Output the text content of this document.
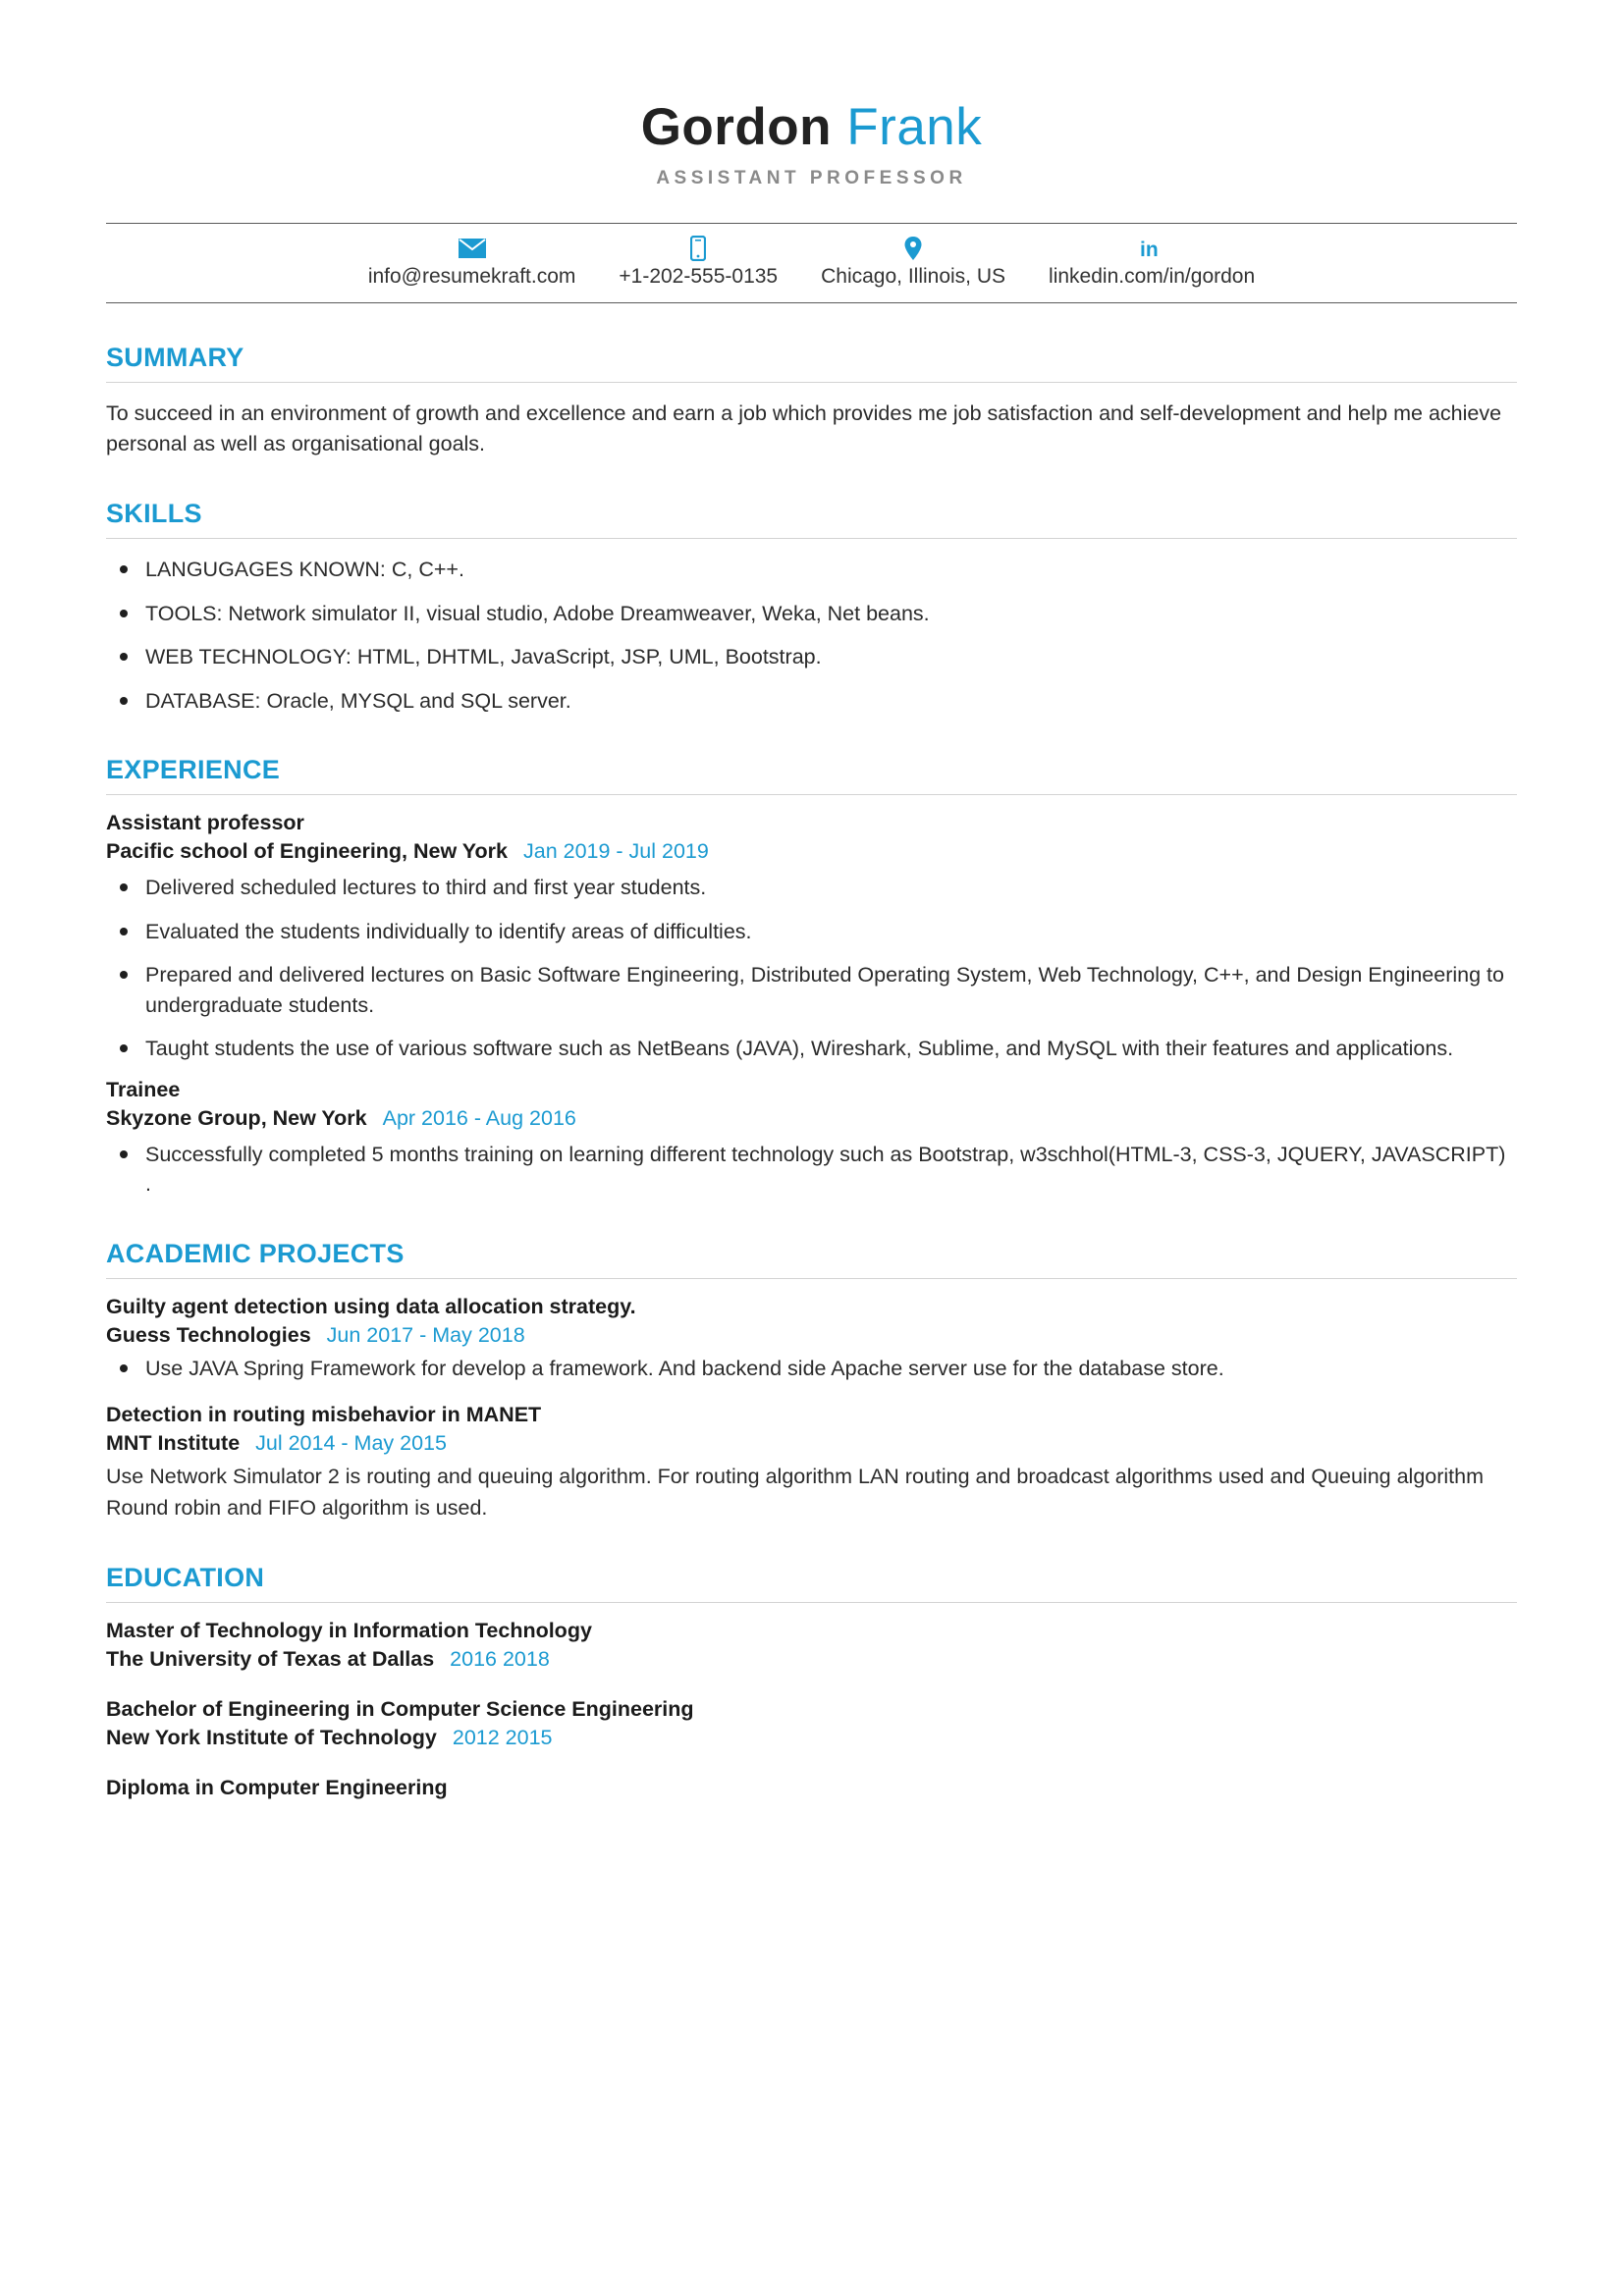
Gordon Frank
ASSISTANT PROFESSOR
info@resumekraft.com +1-202-555-0135 Chicago, Illinois, US
in
linkedin.com/in/gordon
SUMMARY
To succeed in an environment of growth and excellence and earn a job which provides me job satisfaction and self-development and help me achieve personal as well as organisational goals.
SKILLS
LANGUGAGES KNOWN: C, C++.
TOOLS: Network simulator II, visual studio, Adobe Dreamweaver, Weka, Net beans.
WEB TECHNOLOGY: HTML, DHTML, JavaScript, JSP, UML, Bootstrap.
DATABASE: Oracle, MYSQL and SQL server.
EXPERIENCE
Assistant professor
Pacific school of Engineering, New York Jan 2019 - Jul 2019
Delivered scheduled lectures to third and first year students.
Evaluated the students individually to identify areas of difficulties.
Prepared and delivered lectures on Basic Software Engineering, Distributed Operating System, Web Technology, C++, and Design Engineering to undergraduate students.
Taught students the use of various software such as NetBeans (JAVA), Wireshark, Sublime, and MySQL with their features and applications.
Trainee
Skyzone Group, New York Apr 2016 - Aug 2016
Successfully completed 5 months training on learning different technology such as Bootstrap, w3schhol(HTML-3, CSS-3, JQUERY, JAVASCRIPT) .
ACADEMIC PROJECTS
Guilty agent detection using data allocation strategy.
Guess Technologies Jun 2017 - May 2018
Use JAVA Spring Framework for develop a framework. And backend side Apache server use for the database store.
Detection in routing misbehavior in MANET
MNT Institute Jul 2014 - May 2015
Use Network Simulator 2 is routing and queuing algorithm. For routing algorithm LAN routing and broadcast algorithms used and Queuing algorithm Round robin and FIFO algorithm is used.
EDUCATION
Master of Technology in Information Technology
The University of Texas at Dallas 2016 2018
Bachelor of Engineering in Computer Science Engineering
New York Institute of Technology 2012 2015
Diploma in Computer Engineering
